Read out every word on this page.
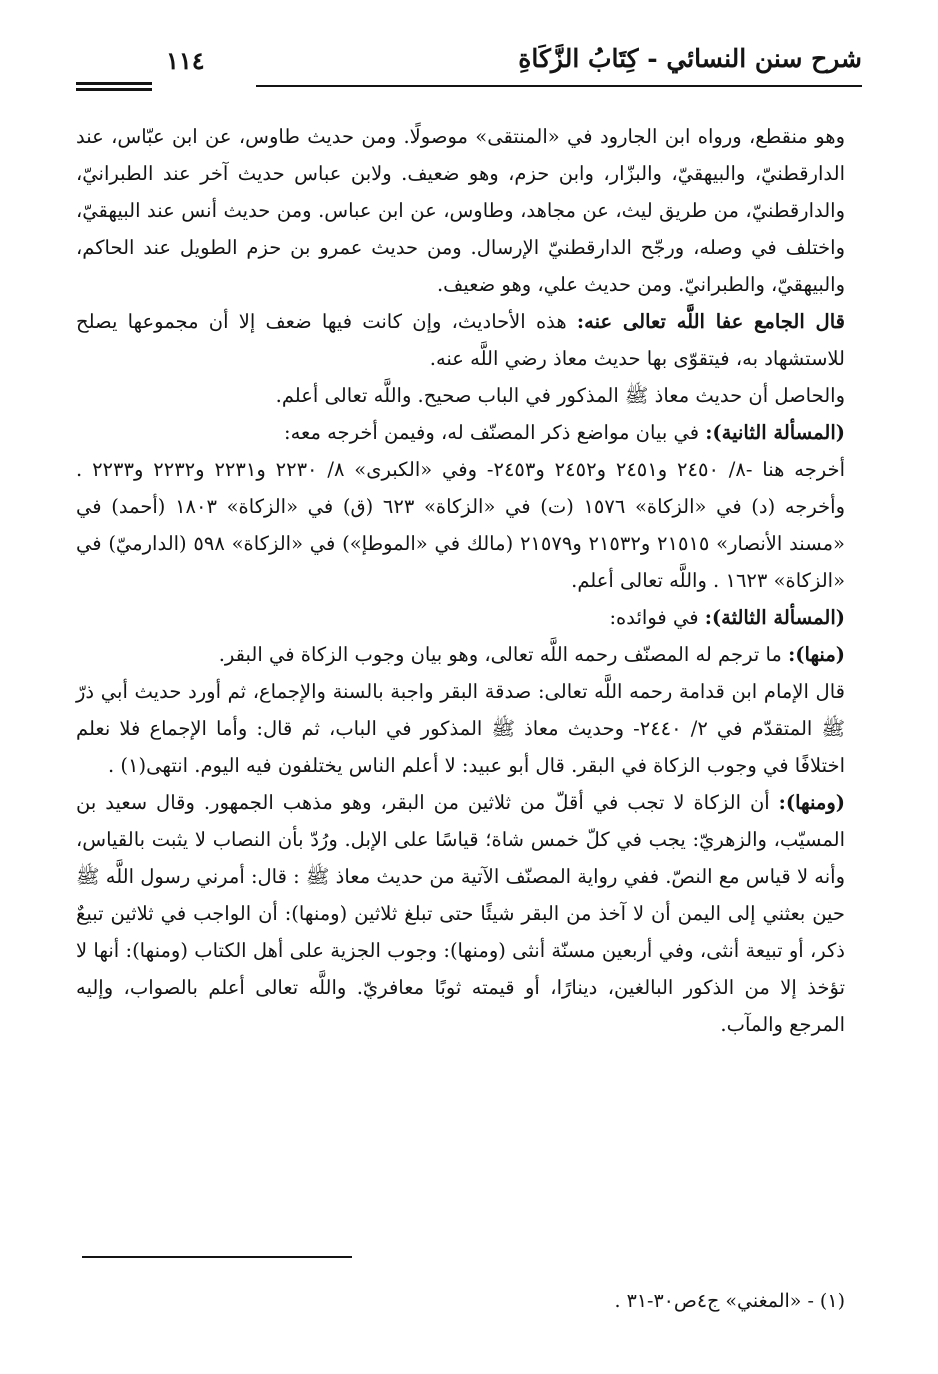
شرح سنن النسائي - كِتَابُ الزَّكَاةِ
١١٤

وهو منقطع، ورواه ابن الجارود في «المنتقى» موصولًا. ومن حديث طاوس، عن ابن عبّاس، عند الدارقطنيّ، والبيهقيّ، والبزّار، وابن حزم، وهو ضعيف. ولابن عباس حديث آخر عند الطبرانيّ، والدارقطنيّ، من طريق ليث، عن مجاهد، وطاوس، عن ابن عباس. ومن حديث أنس عند البيهقيّ، واختلف في وصله، ورجّح الدارقطنيّ الإرسال. ومن حديث عمرو بن حزم الطويل عند الحاكم، والبيهقيّ، والطبرانيّ. ومن حديث علي، وهو ضعيف.

قال الجامع عفا اللَّه تعالى عنه: هذه الأحاديث، وإن كانت فيها ضعف إلا أن مجموعها يصلح للاستشهاد به، فيتقوّى بها حديث معاذ رضي اللَّه عنه.

والحاصل أن حديث معاذ ﷺ المذكور في الباب صحيح. واللَّه تعالى أعلم.

(المسألة الثانية): في بيان مواضع ذكر المصنّف له، وفيمن أخرجه معه:

أخرجه هنا -٨/ ٢٤٥٠ و٢٤٥١ و٢٤٥٢ و٢٤٥٣- وفي «الكبرى» ٨/ ٢٢٣٠ و٢٢٣١ و٢٢٣٢ و٢٢٣٣ . وأخرجه (د) في «الزكاة» ١٥٧٦ (ت) في «الزكاة» ٦٢٣ (ق) في «الزكاة» ١٨٠٣ (أحمد) في «مسند الأنصار» ٢١٥١٥ و٢١٥٣٢ و٢١٥٧٩ (مالك في «الموطإ») في «الزكاة» ٥٩٨ (الدارميّ) في «الزكاة» ١٦٢٣ . واللَّه تعالى أعلم.

(المسألة الثالثة): في فوائده:

(منها): ما ترجم له المصنّف رحمه اللَّه تعالى، وهو بيان وجوب الزكاة في البقر.

قال الإمام ابن قدامة رحمه اللَّه تعالى: صدقة البقر واجبة بالسنة والإجماع، ثم أورد حديث أبي ذرّ ﷺ المتقدّم في ٢/ ٢٤٤٠- وحديث معاذ ﷺ المذكور في الباب، ثم قال: وأما الإجماع فلا نعلم اختلافًا في وجوب الزكاة في البقر. قال أبو عبيد: لا أعلم الناس يختلفون فيه اليوم. انتهى(١) .

(ومنها): أن الزكاة لا تجب في أقلّ من ثلاثين من البقر، وهو مذهب الجمهور. وقال سعيد بن المسيّب، والزهريّ: يجب في كلّ خمس شاة؛ قياسًا على الإبل. ورُدّ بأن النصاب لا يثبت بالقياس، وأنه لا قياس مع النصّ. ففي رواية المصنّف الآتية من حديث معاذ ﷺ : قال: أمرني رسول اللَّه ﷺ حين بعثني إلى اليمن أن لا آخذ من البقر شيئًا حتى تبلغ ثلاثين (ومنها): أن الواجب في ثلاثين تبيعٌ ذكر، أو تبيعة أنثى، وفي أربعين مسنّة أنثى (ومنها): وجوب الجزية على أهل الكتاب (ومنها): أنها لا تؤخذ إلا من الذكور البالغين، دينارًا، أو قيمته ثوبًا معافريّ. واللَّه تعالى أعلم بالصواب، وإليه المرجع والمآب.

(١) - «المغني» ج٤ص٣٠-٣١ .
